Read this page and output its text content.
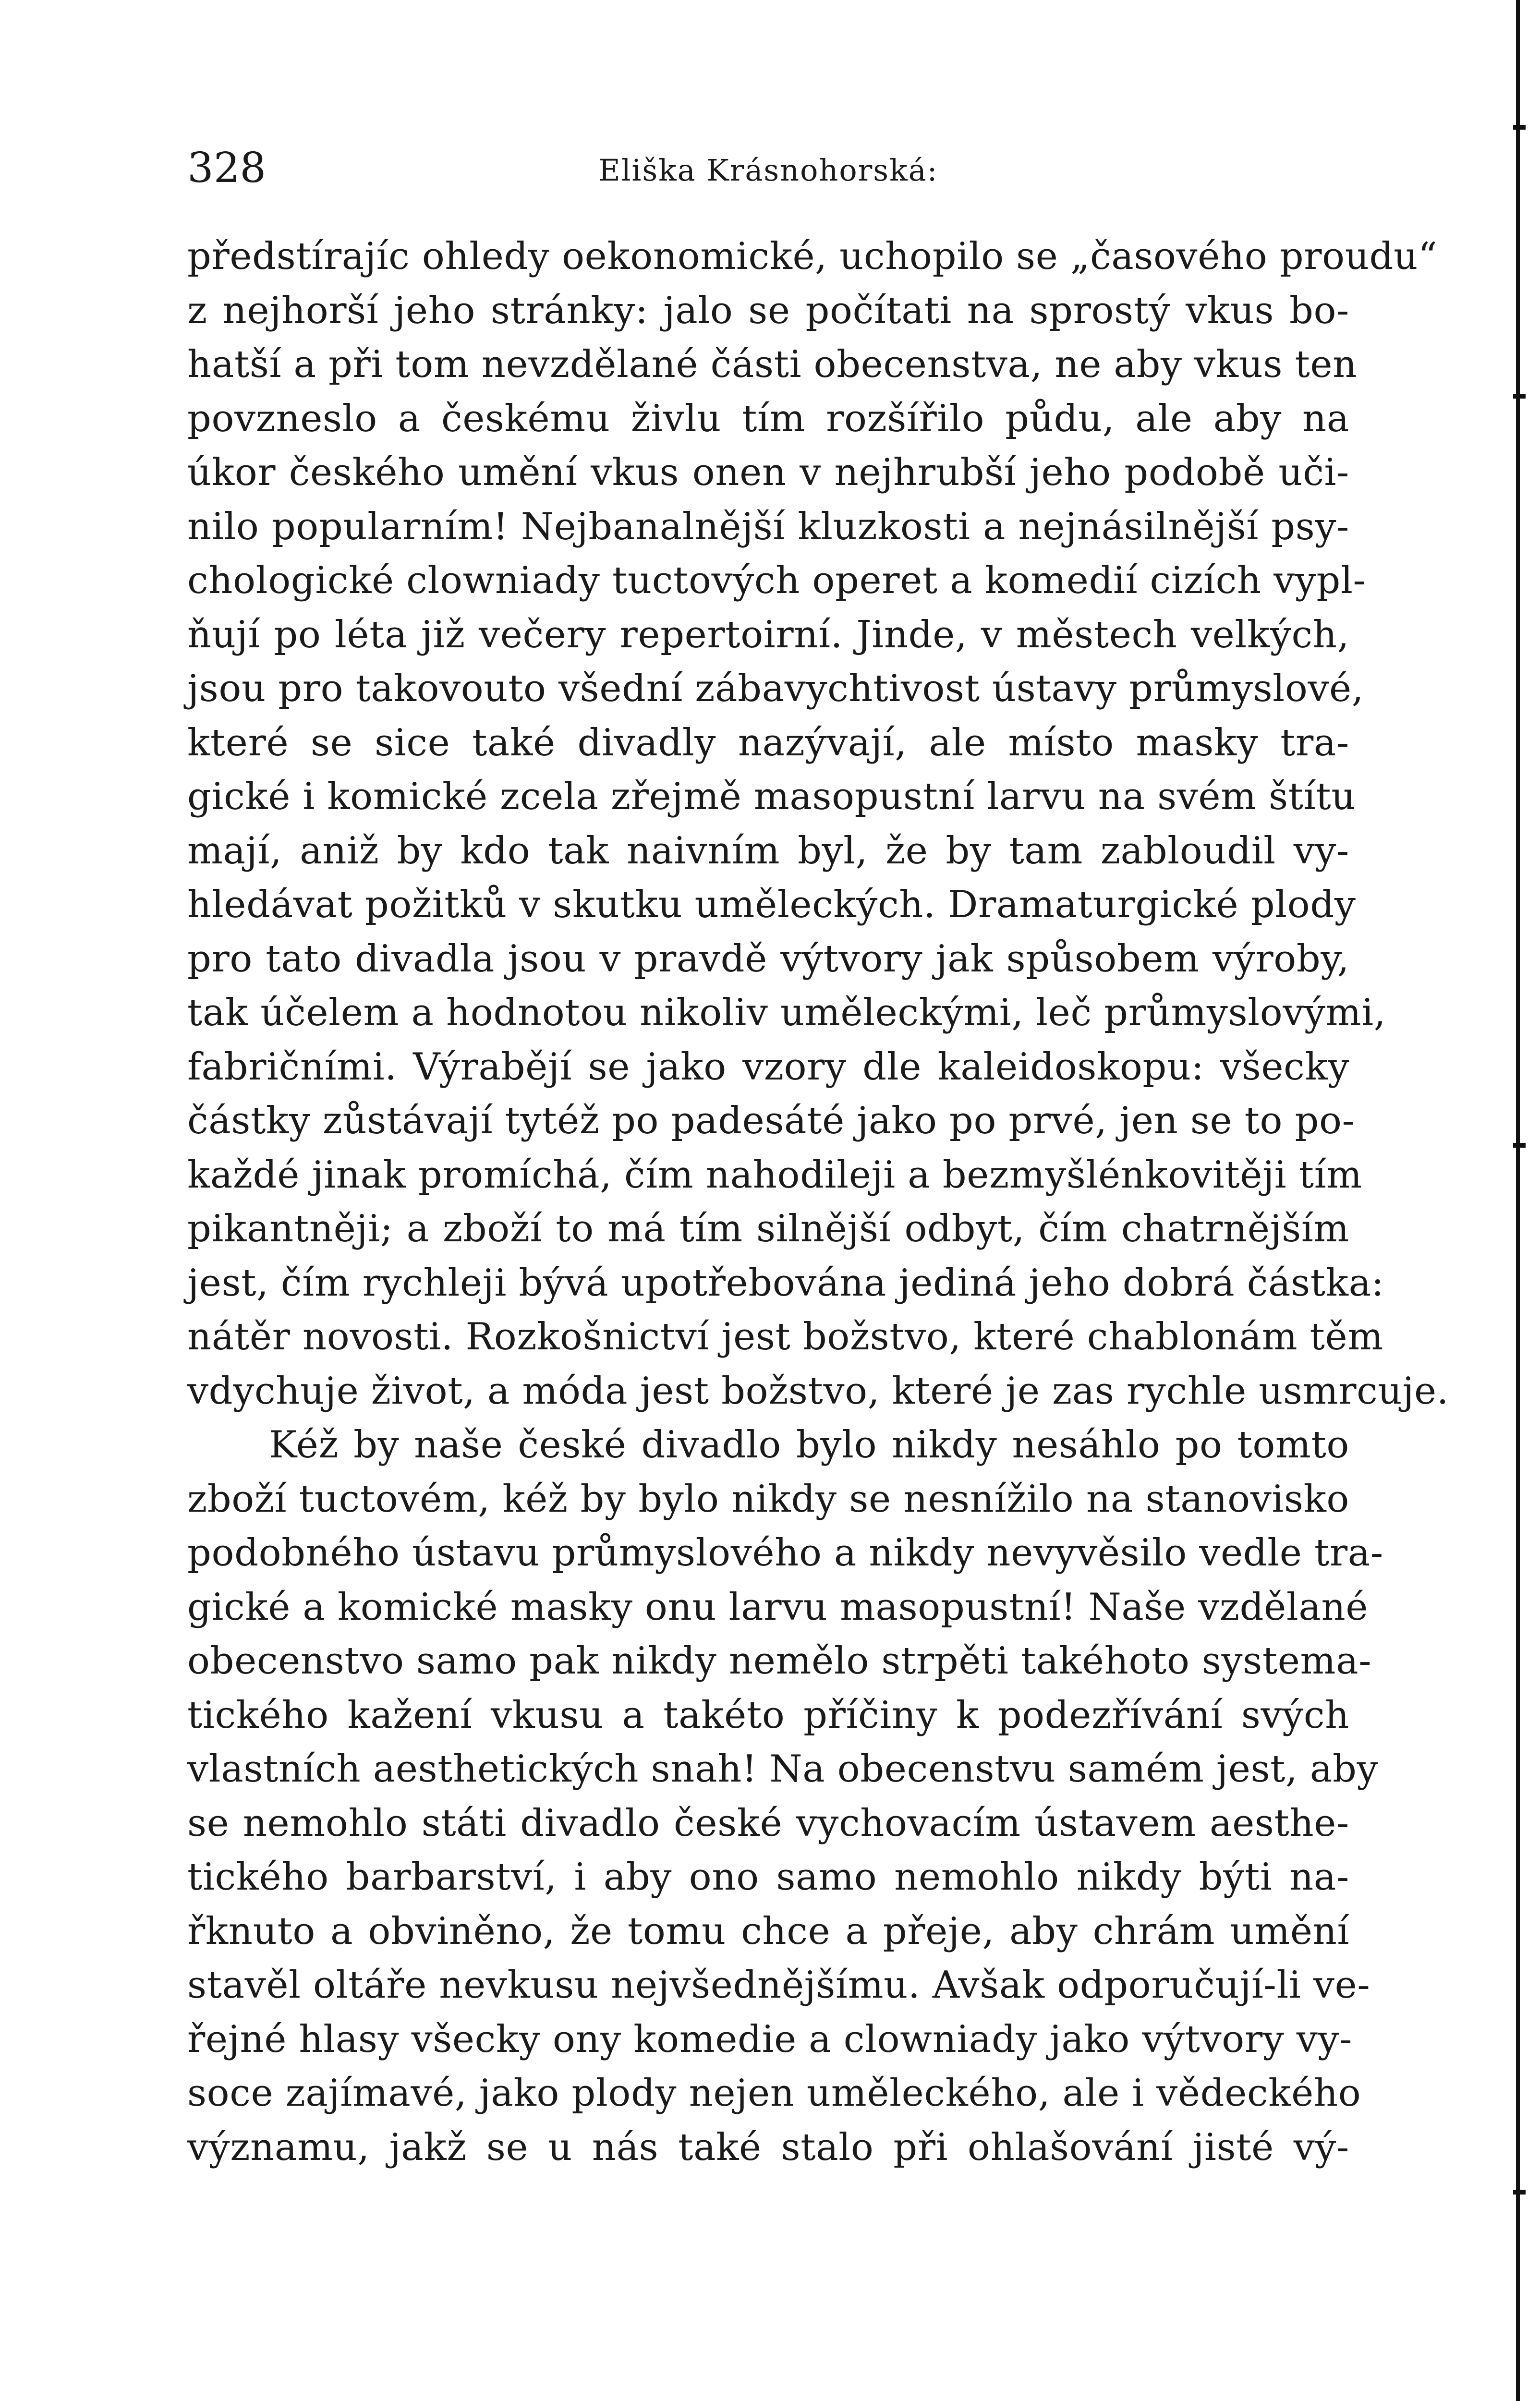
328	Eliška Krásnohorská:
předstírajíc ohledy oekonomické, uchopilo se „časového proudu“
z nejhorší jeho stránky: jalo se počítati na sprostý vkus bo-
hatší a při tom nevzdělané části obecenstva, ne aby vkus ten
povzneslo a českému živlu tím rozšířilo půdu, ale aby na
úkor českého umění vkus onen v nejhrubší jeho podobě uči-
nilo popularním! Nejbanalnější kluzkosti a nejnásilnější psy-
chologické clowniady tuctových operet a komedií cizích vypl-
ňují po léta již večery repertoirní. Jinde, v městech velkých,
jsou pro takovouto všední zábavychtivost ústavy průmyslové,
které se sice také divadly nazývají, ale místo masky tra-
gické i komické zcela zřejmě masopustní larvu na svém štítu
mají, aniž by kdo tak naivním byl, že by tam zabloudil vy-
hledávat požitků v skutku uměleckých. Dramaturgické plody
pro tato divadla jsou v pravdě výtvory jak spůsobem výroby,
tak účelem a hodnotou nikoliv uměleckými, leč průmyslovými,
fabričními. Výrabějí se jako vzory dle kaleidoskopu: všecky
částky zůstávají tytéž po padesáté jako po prvé, jen se to po-
každé jinak promíchá, čím nahodileji a bezmyšlénkovitěji tím
pikantněji; a zboží to má tím silnější odbyt, čím chatrnějším
jest, čím rychleji bývá upotřebována jediná jeho dobrá částka:
nátěr novosti. Rozkošnictví jest božstvo, které chablonám těm
vdychuje život, a móda jest božstvo, které je zas rychle usmrcuje.
Kéž by naše české divadlo bylo nikdy nesáhlo po tomto
zboží tuctovém, kéž by bylo nikdy se nesnížilo na stanovisko
podobného ústavu průmyslového a nikdy nevyvěsilo vedle tra-
gické a komické masky onu larvu masopustní! Naše vzdělané
obecenstvo samo pak nikdy nemělo strpěti takéhoto systema-
tického kažení vkusu a takéto příčiny k podezřívání svých
vlastních aesthetických snah! Na obecenstvu samém jest, aby
se nemohlo státi divadlo české vychovacím ústavem aesthe-
tického barbarství, i aby ono samo nemohlo nikdy býti na-
řknuto a obviněno, že tomu chce a přeje, aby chrám umění
stavěl oltáře nevkusu nejvšednějšímu. Avšak odporučují-li ve-
řejné hlasy všecky ony komedie a clowniady jako výtvory vy-
soce zajímavé, jako plody nejen uměleckého, ale i vědeckého
významu, jakž se u nás také stalo při ohlašování jisté vý-
